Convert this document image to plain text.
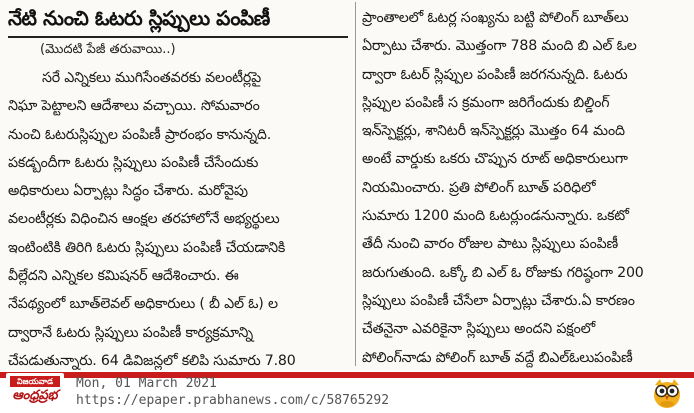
నేటి నుంచి ఓటరు స్లిప్పులు పంపిణీ
(మొదటి పేజీ తరువాయి..)
సరే ఎన్నికలు ముగిసేంతవరకు వలంటీర్లపై
నిఘా పెట్టాలని ఆదేశాలు వచ్చాయి. సోమవారం
నుంచి ఓటరుస్లిప్పుల పంపిణీ ప్రారంభం కానున్నది.
పకడ్బందీగా ఓటరు స్లిప్పులు పంపిణీ చేసేందుకు
అధికారులు ఏర్పాట్లు సిద్ధం చేశారు. మరోవైపు
వలంటీర్లకు విధించిన ఆంక్షల తరహాలోనే అభ్యర్థులు
ఇంటింటికి తిరిగి ఓటరు స్లిప్పులు పంపిణీ చేయడానికి
వీల్లేదని ఎన్నికల కమిషనర్ ఆదేశించారు. ఈ
నేపథ్యంలో బూత్‌లెవల్ అధికారులు ( బీ ఎల్ ఓ) ల
ద్వారానే ఓటరు స్లిప్పులు పంపిణీ కార్యక్రమాన్ని
చేపడుతున్నారు. 64 డివిజన్లలో కలిపి సుమారు 7.80
ప్రాంతాలలో ఓటర్ల సంఖ్యను బట్టి పోలింగ్ బూత్‌లు
ఏర్పాటు చేశారు. మొత్తంగా 788 మంది బి ఎల్ ఓల
ద్వారా ఓటర్ స్లిప్పుల పంపిణీ జరగనున్నది. ఓటరు
స్లిప్పుల పంపిణీ స క్రమంగా జరిగేందుకు బిల్డింగ్
ఇన్‌స్పెక్టర్లు, శానిటరీ ఇన్‌స్పెక్టర్లు మొత్తం 64 మంది
అంటే వార్డుకు ఒకరు చొప్పున రూట్ అధికారులుగా
నియమించారు. ప్రతి పోలింగ్ బూత్ పరిధిలో
సుమారు 1200 మంది ఓటర్లుండనున్నారు. ఒకటో
తేదీ నుంచి వారం రోజుల పాటు స్లిప్పులు పంపిణీ
జరుగుతుంది. ఒక్కో బి ఎల్ ఓ రోజుకు గరిష్ఠంగా 200
స్లిప్పులు పంపిణీ చేసేలా ఏర్పాట్లు చేశారు.ఏ కారణం
చేతనైనా ఎవరికైనా స్లిప్పులు అందని పక్షంలో
పోలింగ్‌నాడు పోలింగ్ బూత్ వద్దే బిఎల్‌ఓలుపంపిణీ
విజయవాడ
ఆంధ్రప్రభ
Mon, 01 March 2021
https://epaper.prabhanews.com/c/58765292
